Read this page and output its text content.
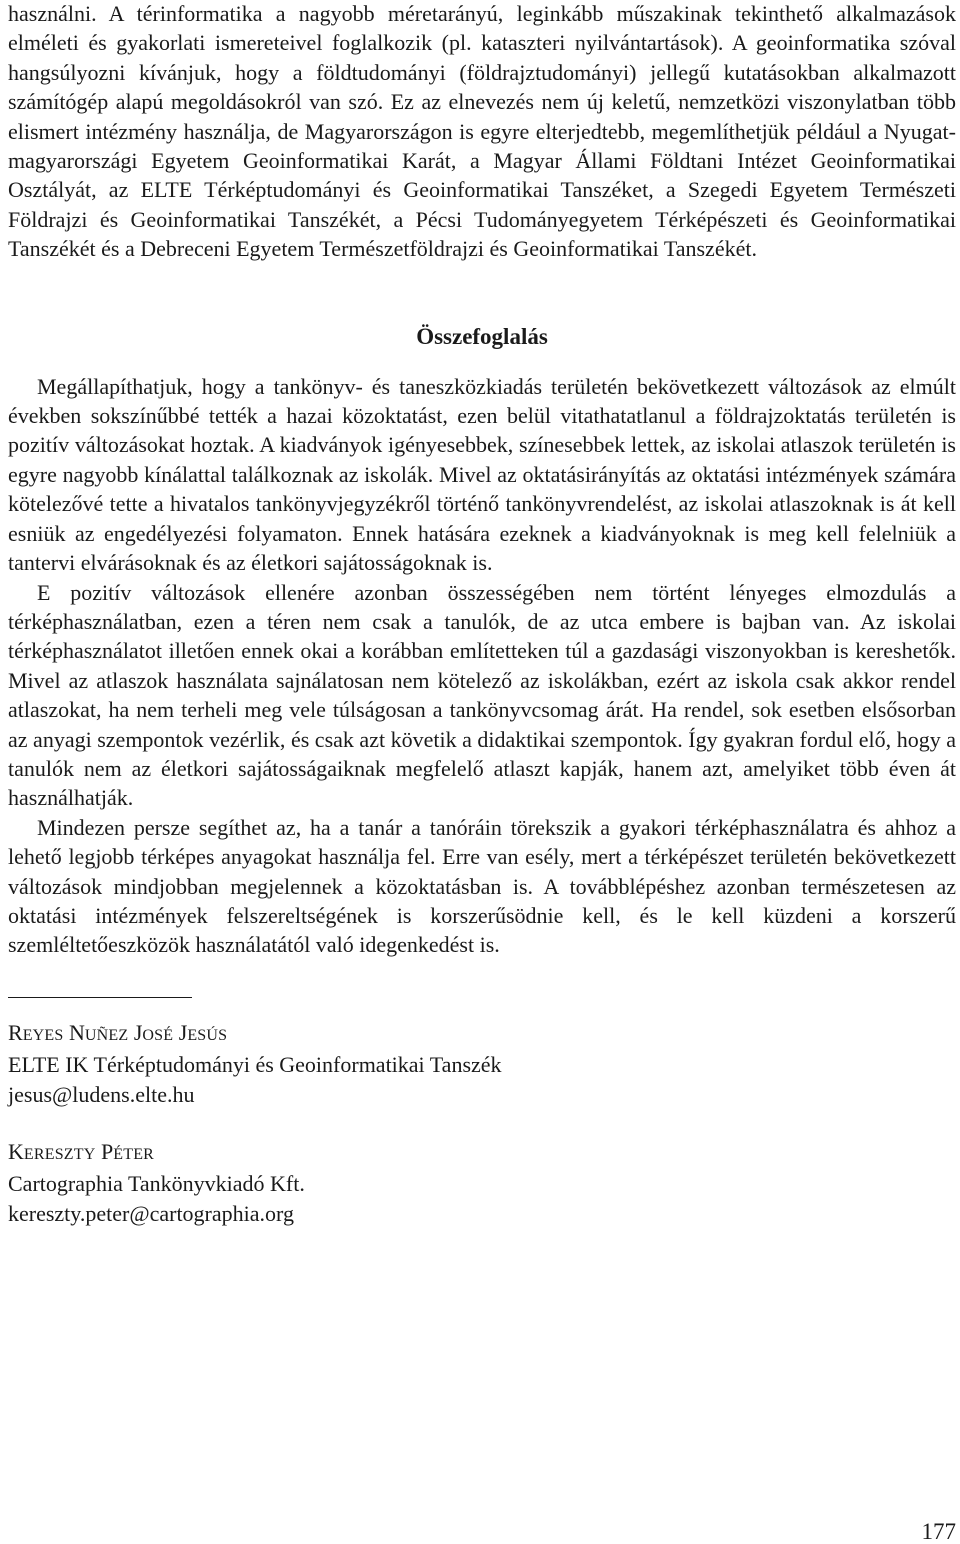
használni. A térinformatika a nagyobb méretarányú, leginkább műszakinak tekinthető alkalmazások elméleti és gyakorlati ismereteivel foglalkozik (pl. kataszteri nyilvántartások). A geoinformatika szóval hangsúlyozni kívánjuk, hogy a földtudományi (földrajztudományi) jellegű kutatásokban alkalmazott számítógép alapú megoldásokról van szó. Ez az elnevezés nem új keletű, nemzetközi viszonylatban több elismert intézmény használja, de Magyarországon is egyre elterjedtebb, megemlíthetjük például a Nyugat-magyarországi Egyetem Geoinformatikai Karát, a Magyar Állami Földtani Intézet Geoinformatikai Osztályát, az ELTE Térképtudományi és Geoinformatikai Tanszéket, a Szegedi Egyetem Természeti Földrajzi és Geoinformatikai Tanszékét, a Pécsi Tudományegyetem Térképészeti és Geoinformatikai Tanszékét és a Debreceni Egyetem Természetföldrajzi és Geoinformatikai Tanszékét.

Összefoglalás

Megállapíthatjuk, hogy a tankönyv- és taneszközkiadás területén bekövetkezett változások az elmúlt években sokszínűbbé tették a hazai közoktatást, ezen belül vitathatatlanul a földrajzoktatás területén is pozitív változásokat hoztak. A kiadványok igényesebbek, színesebbek lettek, az iskolai atlaszok területén is egyre nagyobb kínálattal találkoznak az iskolák. Mivel az oktatásirányítás az oktatási intézmények számára kötelezővé tette a hivatalos tankönyvjegyzékről történő tankönyvrendelést, az iskolai atlaszoknak is át kell esniük az engedélyezési folyamaton. Ennek hatására ezeknek a kiadványoknak is meg kell felelniük a tantervi elvárásoknak és az életkori sajátosságoknak is.

E pozitív változások ellenére azonban összességében nem történt lényeges elmozdulás a térképhasználatban, ezen a téren nem csak a tanulók, de az utca embere is bajban van. Az iskolai térképhasználatot illetően ennek okai a korábban említetteken túl a gazdasági viszonyokban is kereshetők. Mivel az atlaszok használata sajnálatosan nem kötelező az iskolákban, ezért az iskola csak akkor rendel atlaszokat, ha nem terheli meg vele túlságosan a tankönyvcsomag árát. Ha rendel, sok esetben elsősorban az anyagi szempontok vezérlik, és csak azt követik a didaktikai szempontok. Így gyakran fordul elő, hogy a tanulók nem az életkori sajátosságaiknak megfelelő atlaszt kapják, hanem azt, amelyiket több éven át használhatják.

Mindezen persze segíthet az, ha a tanár a tanóráin törekszik a gyakori térképhasználatra és ahhoz a lehető legjobb térképes anyagokat használja fel. Erre van esély, mert a térképészet területén bekövetkezett változások mindjobban megjelennek a közoktatásban is. A továbblépéshez azonban természetesen az oktatási intézmények felszereltségének is korszerűsödnie kell, és le kell küzdeni a korszerű szemléltetőeszközök használatától való idegenkedést is.

REYES NUÑEZ JOSÉ JESÚS

ELTE IK Térképtudományi és Geoinformatikai Tanszék

jesus@ludens.elte.hu

KERESZTY PÉTER

Cartographia Tankönyvkiadó Kft.

kereszty.peter@cartographia.org

177
